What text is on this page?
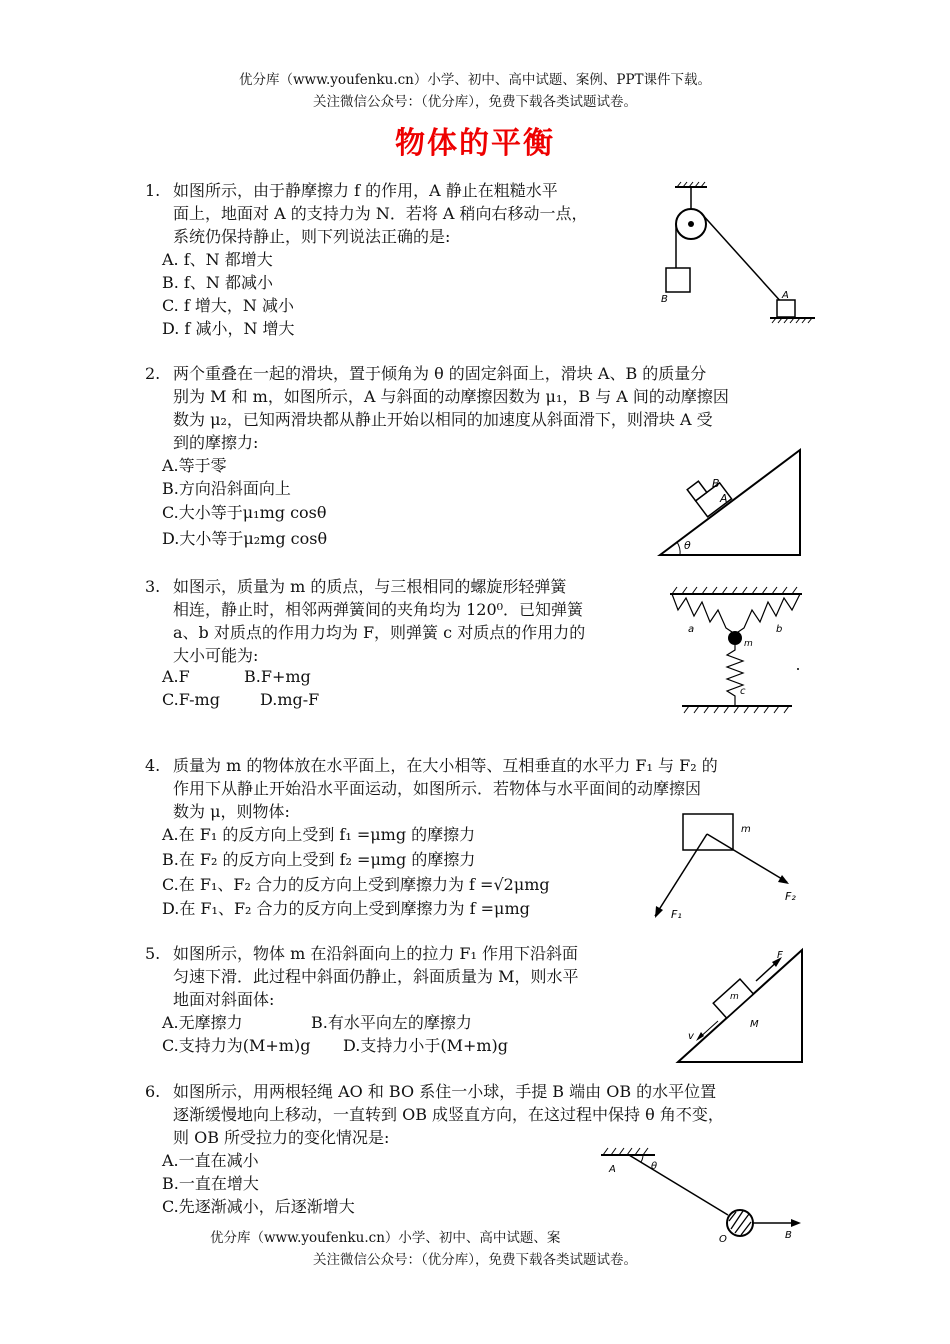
优分库（www.youfenku.cn）小学、初中、高中试题、案例、PPT课件下载。
关注微信公众号：（优分库），免费下载各类试题试卷。
物体的平衡
1. 如图所示，由于静摩擦力 f 的作用，A 静止在粗糙水平
面上，地面对 A 的支持力为 N．若将 A 稍向右移动一点，
系统仍保持静止，则下列说法正确的是:
A. f、N 都增大
B. f、N 都减小
C. f 增大，N 减小
D. f 减小，N 增大
B	A
2. 两个重叠在一起的滑块，置于倾角为 θ 的固定斜面上，滑块 A、B 的质量分
别为 M 和 m，如图所示，A 与斜面的动摩擦因数为 μ₁，B 与 A 间的动摩擦因
数为 μ₂，已知两滑块都从静止开始以相同的加速度从斜面滑下，则滑块 A 受
到的摩擦力:
A.等于零
B.方向沿斜面向上
C.大小等于μ₁mg cosθ
D.大小等于μ₂mg cosθ
B
A
θ
3. 如图示，质量为 m 的质点，与三根相同的螺旋形轻弹簧
相连，静止时，相邻两弹簧间的夹角均为 120⁰．已知弹簧
a、b 对质点的作用力均为 F，则弹簧 c 对质点的作用力的
大小可能为:
A.F	B.F+mg
C.F-mg	D.mg-F
a	b
m
c
4. 质量为 m 的物体放在水平面上，在大小相等、互相垂直的水平力 F₁ 与 F₂ 的
作用下从静止开始沿水平面运动，如图所示．若物体与水平面间的动摩擦因
数为 μ，则物体:
A.在 F₁ 的反方向上受到 f₁ =μmg 的摩擦力
B.在 F₂ 的反方向上受到 f₂ =μmg 的摩擦力
C.在 F₁、F₂ 合力的反方向上受到摩擦力为 f =√2μmg
D.在 F₁、F₂ 合力的反方向上受到摩擦力为 f =μmg
m
F₁
F₂
5. 如图所示，物体 m 在沿斜面向上的拉力 F₁ 作用下沿斜面
匀速下滑．此过程中斜面仍静止，斜面质量为 M，则水平
地面对斜面体:
A.无摩擦力	B.有水平向左的摩擦力
C.支持力为(M+m)g D.支持力小于(M+m)g
m
F
v
M
6. 如图所示，用两根轻绳 AO 和 BO 系住一小球，手提 B 端由 OB 的水平位置
逐渐缓慢地向上移动，一直转到 OB 成竖直方向，在这过程中保持 θ 角不变，
则 OB 所受拉力的变化情况是:
A.一直在减小
B.一直在增大
C.先逐渐减小，后逐渐增大
A	θ
O	B
优分库（www.youfenku.cn）小学、初中、高中试题、案
关注微信公众号：（优分库），免费下载各类试题试卷。
